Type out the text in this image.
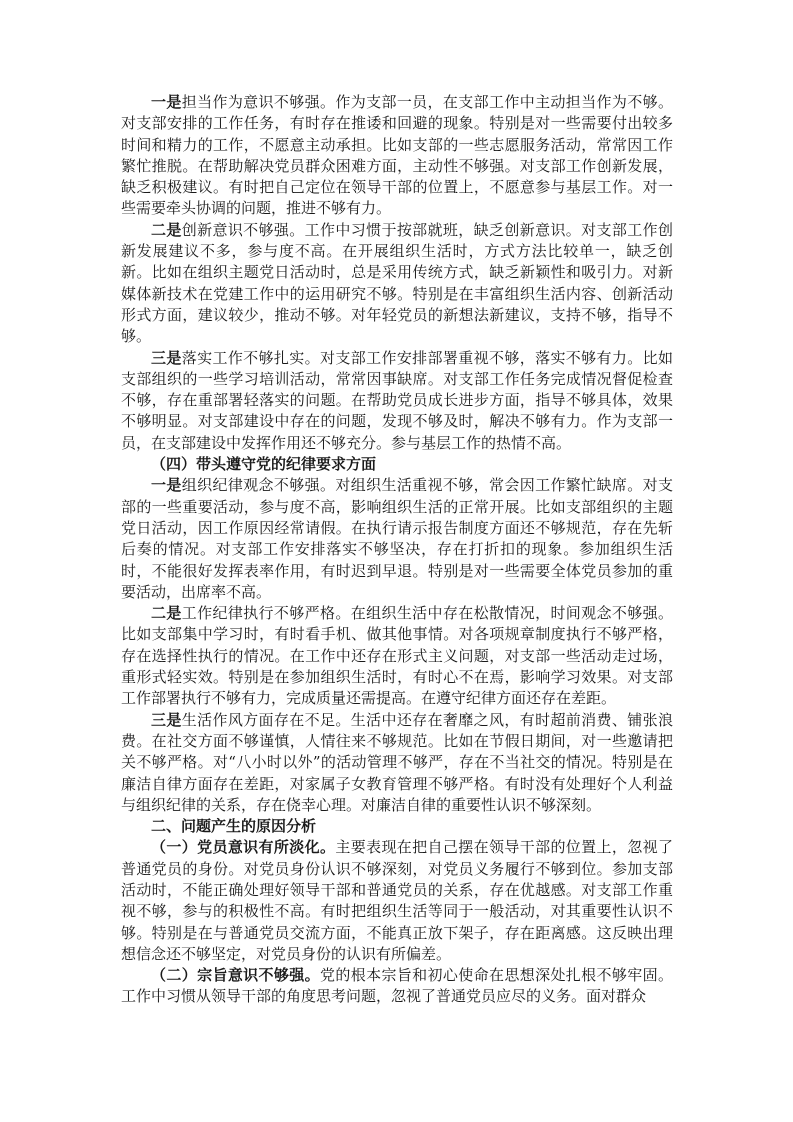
一是担当作为意识不够强。作为支部一员，在支部工作中主动担当作为不够。对支部安排的工作任务，有时存在推诿和回避的现象。特别是对一些需要付出较多时间和精力的工作，不愿意主动承担。比如支部的一些志愿服务活动，常常因工作繁忙推脱。在帮助解决党员群众困难方面，主动性不够强。对支部工作创新发展，缺乏积极建议。有时把自己定位在领导干部的位置上，不愿意参与基层工作。对一些需要牵头协调的问题，推进不够有力。

二是创新意识不够强。工作中习惯于按部就班，缺乏创新意识。对支部工作创新发展建议不多，参与度不高。在开展组织生活时，方式方法比较单一，缺乏创新。比如在组织主题党日活动时，总是采用传统方式，缺乏新颖性和吸引力。对新媒体新技术在党建工作中的运用研究不够。特别是在丰富组织生活内容、创新活动形式方面，建议较少，推动不够。对年轻党员的新想法新建议，支持不够，指导不够。

三是落实工作不够扎实。对支部工作安排部署重视不够，落实不够有力。比如支部组织的一些学习培训活动，常常因事缺席。对支部工作任务完成情况督促检查不够，存在重部署轻落实的问题。在帮助党员成长进步方面，指导不够具体，效果不够明显。对支部建设中存在的问题，发现不够及时，解决不够有力。作为支部一员，在支部建设中发挥作用还不够充分。参与基层工作的热情不高。

（四）带头遵守党的纪律要求方面

一是组织纪律观念不够强。对组织生活重视不够，常会因工作繁忙缺席。对支部的一些重要活动，参与度不高，影响组织生活的正常开展。比如支部组织的主题党日活动，因工作原因经常请假。在执行请示报告制度方面还不够规范，存在先斩后奏的情况。对支部工作安排落实不够坚决，存在打折扣的现象。参加组织生活时，不能很好发挥表率作用，有时迟到早退。特别是对一些需要全体党员参加的重要活动，出席率不高。

二是工作纪律执行不够严格。在组织生活中存在松散情况，时间观念不够强。比如支部集中学习时，有时看手机、做其他事情。对各项规章制度执行不够严格，存在选择性执行的情况。在工作中还存在形式主义问题，对支部一些活动走过场，重形式轻实效。特别是在参加组织生活时，有时心不在焉，影响学习效果。对支部工作部署执行不够有力，完成质量还需提高。在遵守纪律方面还存在差距。

三是生活作风方面存在不足。生活中还存在奢靡之风，有时超前消费、铺张浪费。在社交方面不够谨慎，人情往来不够规范。比如在节假日期间，对一些邀请把关不够严格。对“八小时以外”的活动管理不够严，存在不当社交的情况。特别是在廉洁自律方面存在差距，对家属子女教育管理不够严格。有时没有处理好个人利益与组织纪律的关系，存在侥幸心理。对廉洁自律的重要性认识不够深刻。

二、问题产生的原因分析

（一）党员意识有所淡化。主要表现在把自己摆在领导干部的位置上，忽视了普通党员的身份。对党员身份认识不够深刻，对党员义务履行不够到位。参加支部活动时，不能正确处理好领导干部和普通党员的关系，存在优越感。对支部工作重视不够，参与的积极性不高。有时把组织生活等同于一般活动，对其重要性认识不够。特别是在与普通党员交流方面，不能真正放下架子，存在距离感。这反映出理想信念还不够坚定，对党员身份的认识有所偏差。

（二）宗旨意识不够强。党的根本宗旨和初心使命在思想深处扎根不够牢固。工作中习惯从领导干部的角度思考问题，忽视了普通党员应尽的义务。面对群众
